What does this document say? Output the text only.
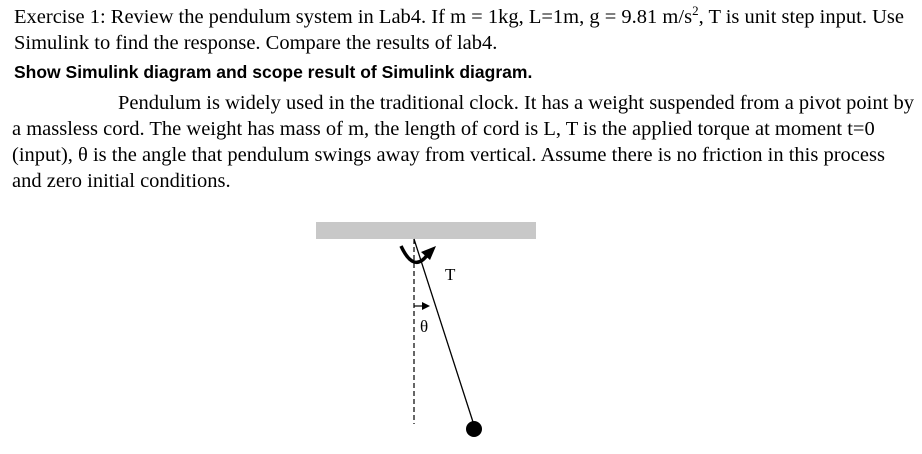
Exercise 1: Review the pendulum system in Lab4. If m = 1kg, L=1m, g = 9.81 $m/s^2$, T is unit step input. Use Simulink to find the response. Compare the results of lab4.

Show Simulink diagram and scope result of Simulink diagram.

Pendulum is widely used in the traditional clock. It has a weight suspended from a pivot point by a massless cord. The weight has mass of m, the length of cord is L, T is the applied torque at moment t=0 (input), θ is the angle that pendulum swings away from vertical. Assume there is no friction in this process and zero initial conditions.

T
θ
